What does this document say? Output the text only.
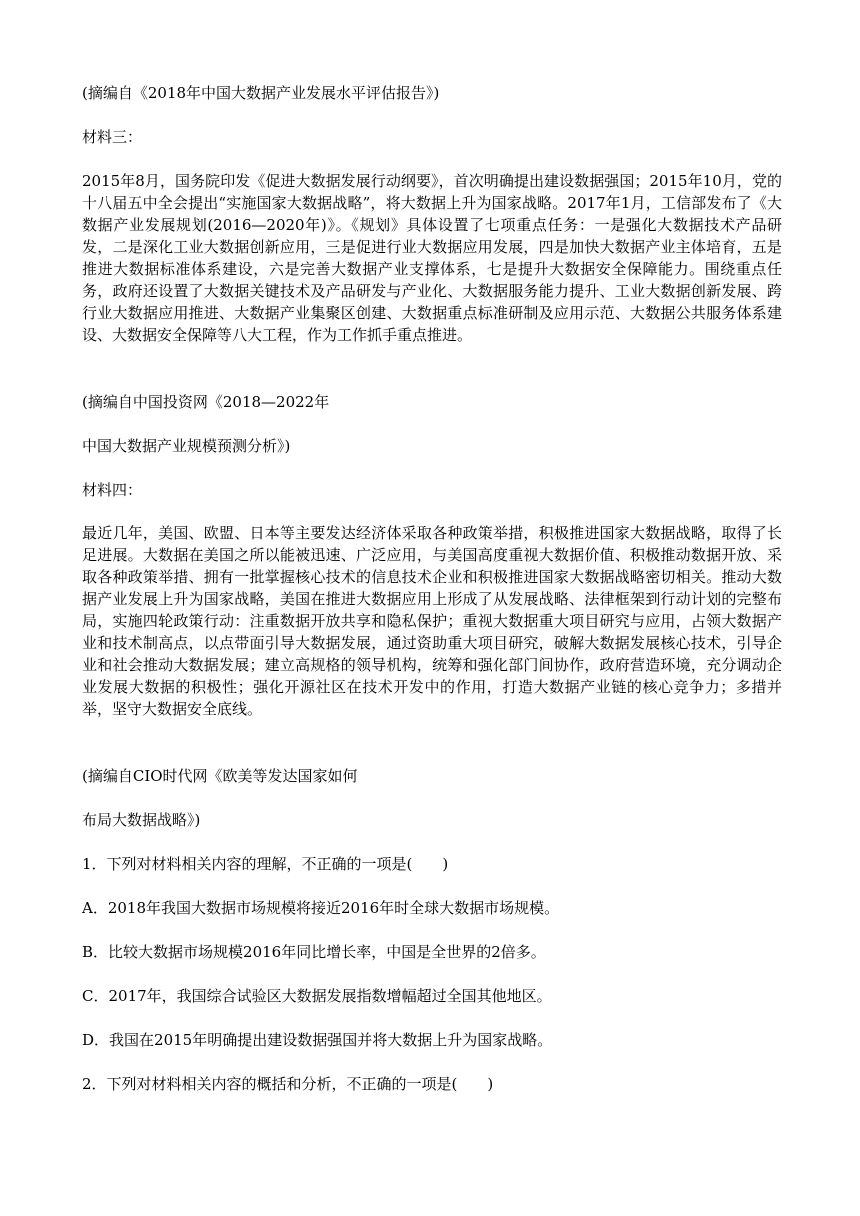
(摘编自《2018年中国大数据产业发展水平评估报告》)
材料三：
2015年8月，国务院印发《促进大数据发展行动纲要》，首次明确提出建设数据强国；2015年10月，党的十八届五中全会提出“实施国家大数据战略”，将大数据上升为国家战略。2017年1月，工信部发布了《大数据产业发展规划(2016—2020年)》。《规划》具体设置了七项重点任务：一是强化大数据技术产品研发，二是深化工业大数据创新应用，三是促进行业大数据应用发展，四是加快大数据产业主体培育，五是推进大数据标准体系建设，六是完善大数据产业支撑体系，七是提升大数据安全保障能力。围绕重点任务，政府还设置了大数据关键技术及产品研发与产业化、大数据服务能力提升、工业大数据创新发展、跨行业大数据应用推进、大数据产业集聚区创建、大数据重点标准研制及应用示范、大数据公共服务体系建设、大数据安全保障等八大工程，作为工作抓手重点推进。
(摘编自中国投资网《2018—2022年
中国大数据产业规模预测分析》)
材料四：
最近几年，美国、欧盟、日本等主要发达经济体采取各种政策举措，积极推进国家大数据战略，取得了长足进展。大数据在美国之所以能被迅速、广泛应用，与美国高度重视大数据价值、积极推动数据开放、采取各种政策举措、拥有一批掌握核心技术的信息技术企业和积极推进国家大数据战略密切相关。推动大数据产业发展上升为国家战略，美国在推进大数据应用上形成了从发展战略、法律框架到行动计划的完整布局，实施四轮政策行动：注重数据开放共享和隐私保护；重视大数据重大项目研究与应用，占领大数据产业和技术制高点，以点带面引导大数据发展，通过资助重大项目研究，破解大数据发展核心技术，引导企业和社会推动大数据发展；建立高规格的领导机构，统筹和强化部门间协作，政府营造环境，充分调动企业发展大数据的积极性；强化开源社区在技术开发中的作用，打造大数据产业链的核心竞争力；多措并举，坚守大数据安全底线。
(摘编自CIO时代网《欧美等发达国家如何
布局大数据战略》)
1．下列对材料相关内容的理解，不正确的一项是(　　)
A．2018年我国大数据市场规模将接近2016年时全球大数据市场规模。
B．比较大数据市场规模2016年同比增长率，中国是全世界的2倍多。
C．2017年，我国综合试验区大数据发展指数增幅超过全国其他地区。
D．我国在2015年明确提出建设数据强国并将大数据上升为国家战略。
2．下列对材料相关内容的概括和分析，不正确的一项是(　　)
